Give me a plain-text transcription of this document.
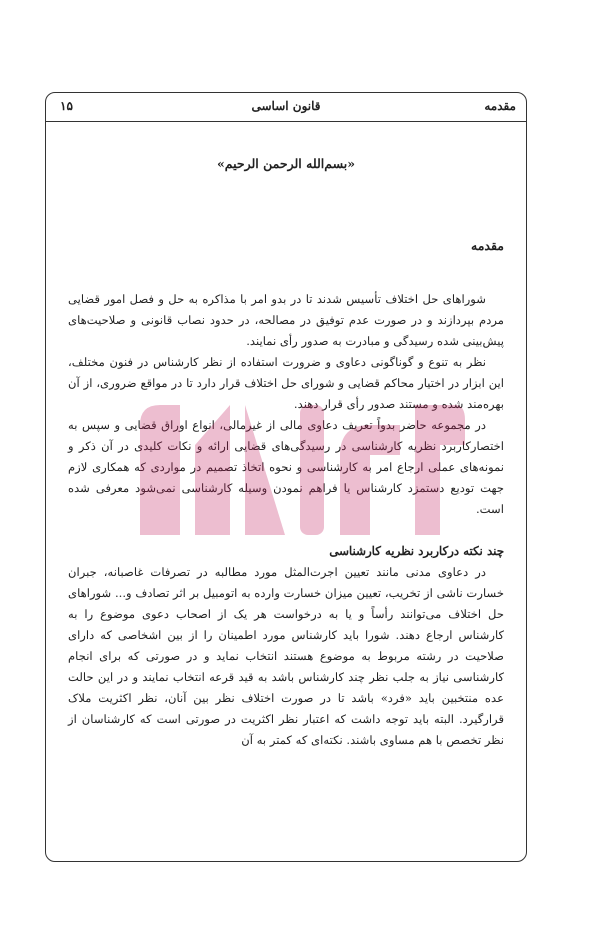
مقدمه
قانون اساسی
۱۵
«بسم‌الله الرحمن الرحیم»
مقدمه

شوراهای حل اختلاف تأسیس شدند تا در بدو امر با مذاکره به حل و فصل امور قضایی مردم بپردازند و در صورت عدم توفیق در مصالحه، در حدود نصاب قانونی و صلاحیت‌های پیش‌بینی شده رسیدگی و مبادرت به صدور رأی نمایند.

نظر به تنوع و گوناگونی دعاوی و ضرورت استفاده از نظر کارشناس در فنون مختلف، این ابزار در اختیار محاکم قضایی و شورای حل اختلاف قرار دارد تا در مواقع ضروری، از آن بهره‌مند شده و مستند صدور رأی قرار دهند.

در مجموعه حاضر بدواً تعریف دعاوی مالی از غیرمالی، انواع اوراق قضایی و سپس به اختصارکاربرد نظریه کارشناسی در رسیدگی‌های قضایی ارائه و نکات کلیدی در آن ذکر و نمونه‌های عملی ارجاع امر به کارشناسی و نحوه اتخاذ تصمیم در مواردی که همکاری لازم جهت تودیع دستمزد کارشناس یا فراهم نمودن وسیله کارشناسی نمی‌شود معرفی شده است.

چند نکته درکاربرد نظریه کارشناسی

در دعاوی مدنی مانند تعیین اجرت‌المثل مورد مطالبه در تصرفات غاصبانه، جبران خسارت ناشی از تخریب، تعیین میزان خسارت وارده به اتومبیل بر اثر تصادف و... شوراهای حل اختلاف می‌توانند رأساً و یا به درخواست هر یک از اصحاب دعوی موضوع را به کارشناس ارجاع دهند. شورا باید کارشناس مورد اطمینان را از بین اشخاصی که دارای صلاحیت در رشته مربوط به موضوع هستند انتخاب نماید و در صورتی که برای انجام کارشناسی نیاز به جلب نظر چند کارشناس باشد به قید قرعه انتخاب نمایند و در این حالت عده منتخبین باید «فرد» باشد تا در صورت اختلاف نظر بین آنان، نظر اکثریت ملاک قرارگیرد. البته باید توجه داشت که اعتبار نظر اکثریت در صورتی است که کارشناسان از نظر تخصص با هم مساوی باشند. نکته‌ای که کمتر به آن
